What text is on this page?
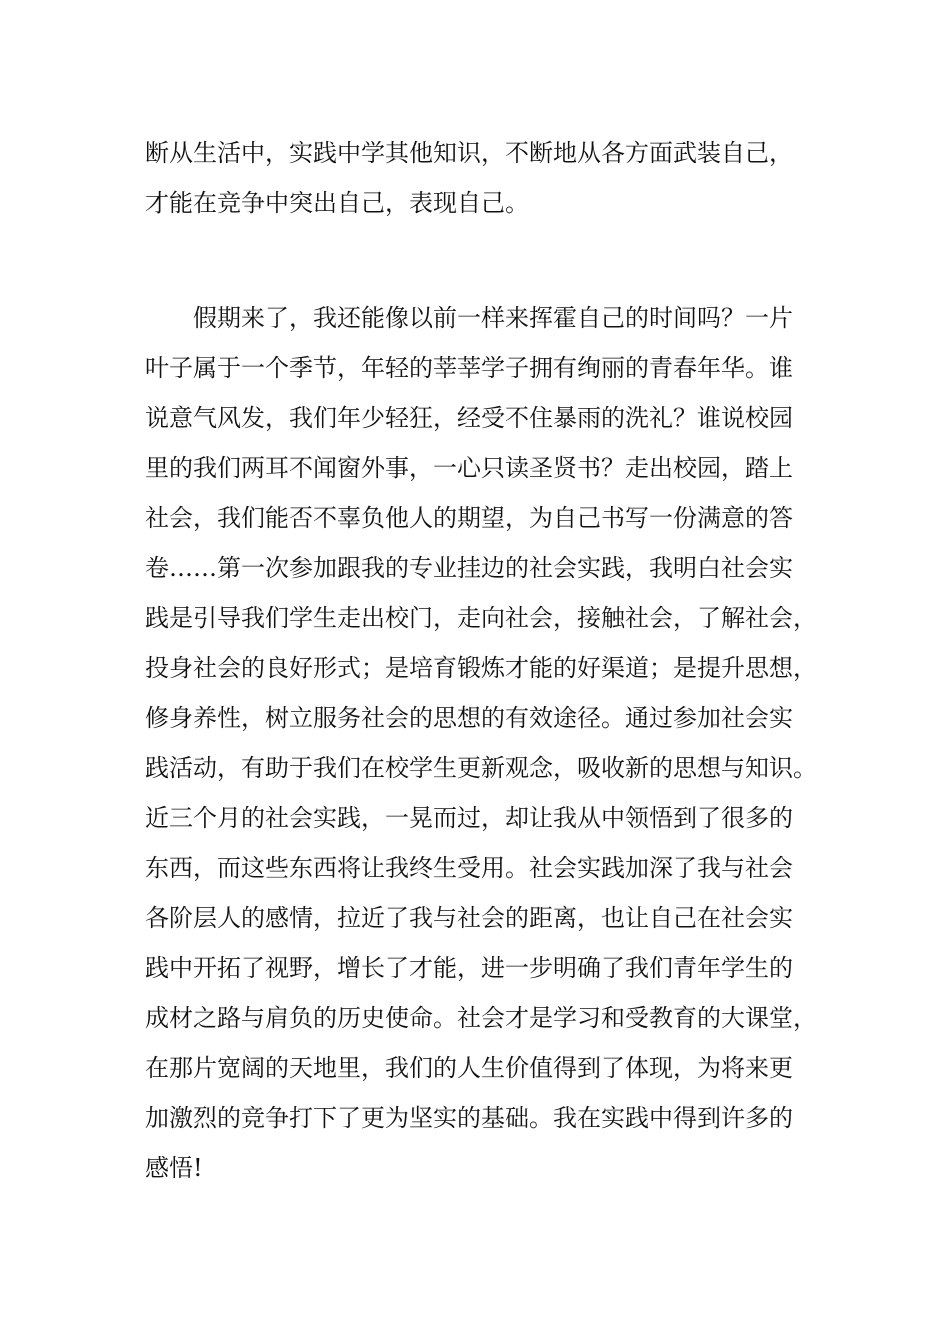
断从生活中，实践中学其他知识，不断地从各方面武装自己，
才能在竞争中突出自己，表现自己。
假期来了，我还能像以前一样来挥霍自己的时间吗？一片
叶子属于一个季节，年轻的莘莘学子拥有绚丽的青春年华。谁
说意气风发，我们年少轻狂，经受不住暴雨的洗礼？谁说校园
里的我们两耳不闻窗外事，一心只读圣贤书？走出校园，踏上
社会，我们能否不辜负他人的期望，为自己书写一份满意的答
卷……第一次参加跟我的专业挂边的社会实践，我明白社会实
践是引导我们学生走出校门，走向社会，接触社会，了解社会，
投身社会的良好形式；是培育锻炼才能的好渠道；是提升思想，
修身养性，树立服务社会的思想的有效途径。通过参加社会实
践活动，有助于我们在校学生更新观念，吸收新的思想与知识。
近三个月的社会实践，一晃而过，却让我从中领悟到了很多的
东西，而这些东西将让我终生受用。社会实践加深了我与社会
各阶层人的感情，拉近了我与社会的距离，也让自己在社会实
践中开拓了视野，增长了才能，进一步明确了我们青年学生的
成材之路与肩负的历史使命。社会才是学习和受教育的大课堂，
在那片宽阔的天地里，我们的人生价值得到了体现，为将来更
加激烈的竞争打下了更为坚实的基础。我在实践中得到许多的
感悟!
